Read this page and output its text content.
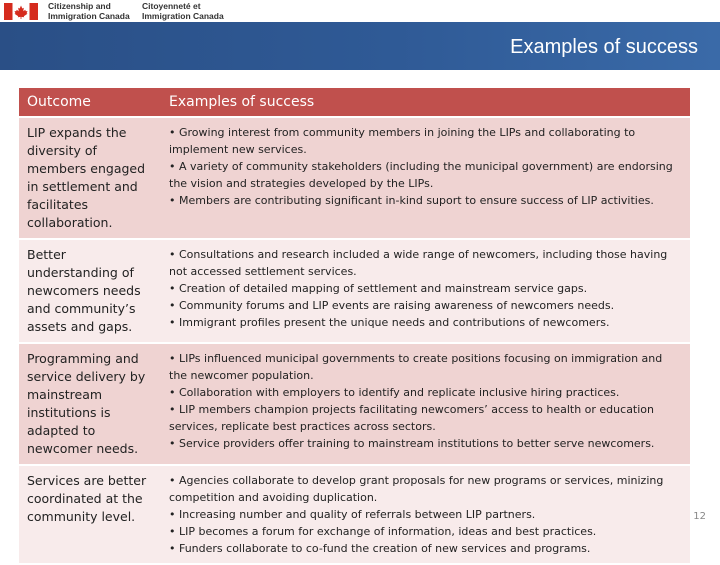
Citizenship and
Immigration Canada
Citoyenneté et
Immigration Canada
Examples of success
Outcome	Examples of success
LIP expands the diversity of members engaged in settlement and facilitates collaboration.	• Growing interest from community members in joining the LIPs and collaborating to implement new services.
• A variety of community stakeholders (including the municipal government) are endorsing the vision and strategies developed by the LIPs.
• Members are contributing significant in-kind suport to ensure success of LIP activities.

Better understanding of newcomers needs and community’s assets and gaps.	• Consultations and research included a wide range of newcomers, including those having not accessed settlement services.
• Creation of detailed mapping of settlement and mainstream service gaps.
• Community forums and LIP events are raising awareness of newcomers needs.
• Immigrant profiles present the unique needs and contributions of newcomers.

Programming and service delivery by mainstream institutions is adapted to newcomer needs.	• LIPs influenced municipal governments to create positions focusing on immigration and the newcomer population.
• Collaboration with employers to identify and replicate inclusive hiring practices.
• LIP members champion projects facilitating newcomers’ access to health or education services, replicate best practices across sectors.
• Service providers offer training to mainstream institutions to better serve newcomers.

Services are better coordinated at the community level.	• Agencies collaborate to develop grant proposals for new programs or services, minizing competition and avoiding duplication.
• Increasing number and quality of referrals between LIP partners.
• LIP becomes a forum for exchange of information, ideas and best practices.
• Funders collaborate to co-fund the creation of new services and programs.
12
